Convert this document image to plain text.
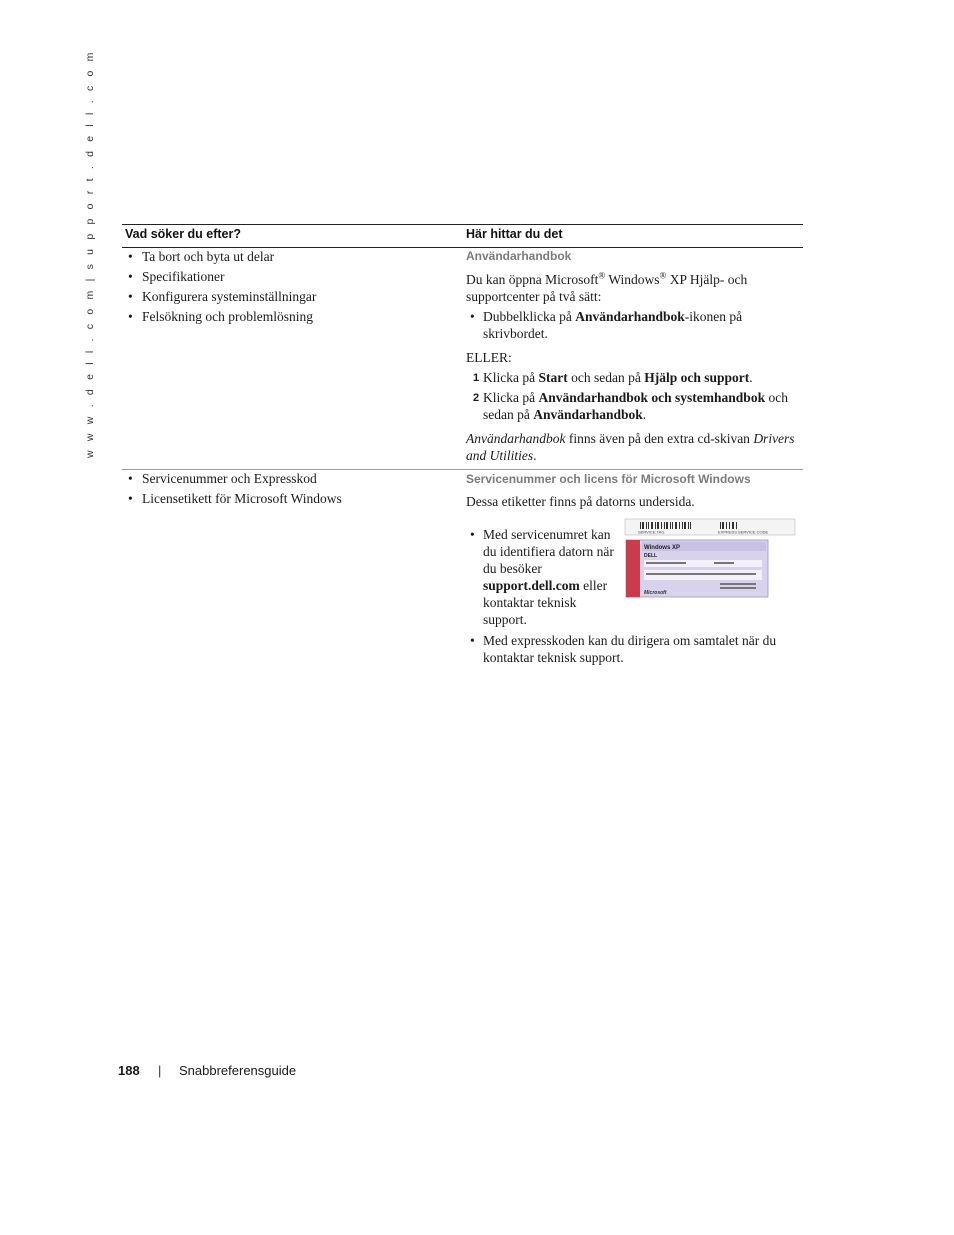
w w w . d e l l . c o m | s u p p o r t . d e l l . c o m Vad söker du efter?	Här hittar du det
• Ta bort och byta ut delar
• Specifikationer
• Konfigurera systeminställningar
• Felsökning och problemlösning
Användarhandbok
Du kan öppna Microsoft® Windows® XP Hjälp- och supportcenter på två sätt:
• Dubbelklicka på Användarhandbok-ikonen på skrivbordet.
ELLER:
1 Klicka på Start och sedan på Hjälp och support.
2 Klicka på Användarhandbok och systemhandbok och sedan på Användarhandbok.
Användarhandbok finns även på den extra cd-skivan Drivers and Utilities.
• Servicenummer och Expresskod
• Licensetikett för Microsoft Windows
Servicenummer och licens för Microsoft Windows
Dessa etiketter finns på datorns undersida.
• Med servicenumret kan du identifiera datorn när du besöker support.dell.com eller kontaktar teknisk support.
SERVICE TAG	EXPRESS SERVICE CODE
Windows XP
DELL
Microsoft
• Med expresskoden kan du dirigera om samtalet när du kontaktar teknisk support.
188 | Snabbreferensguide
